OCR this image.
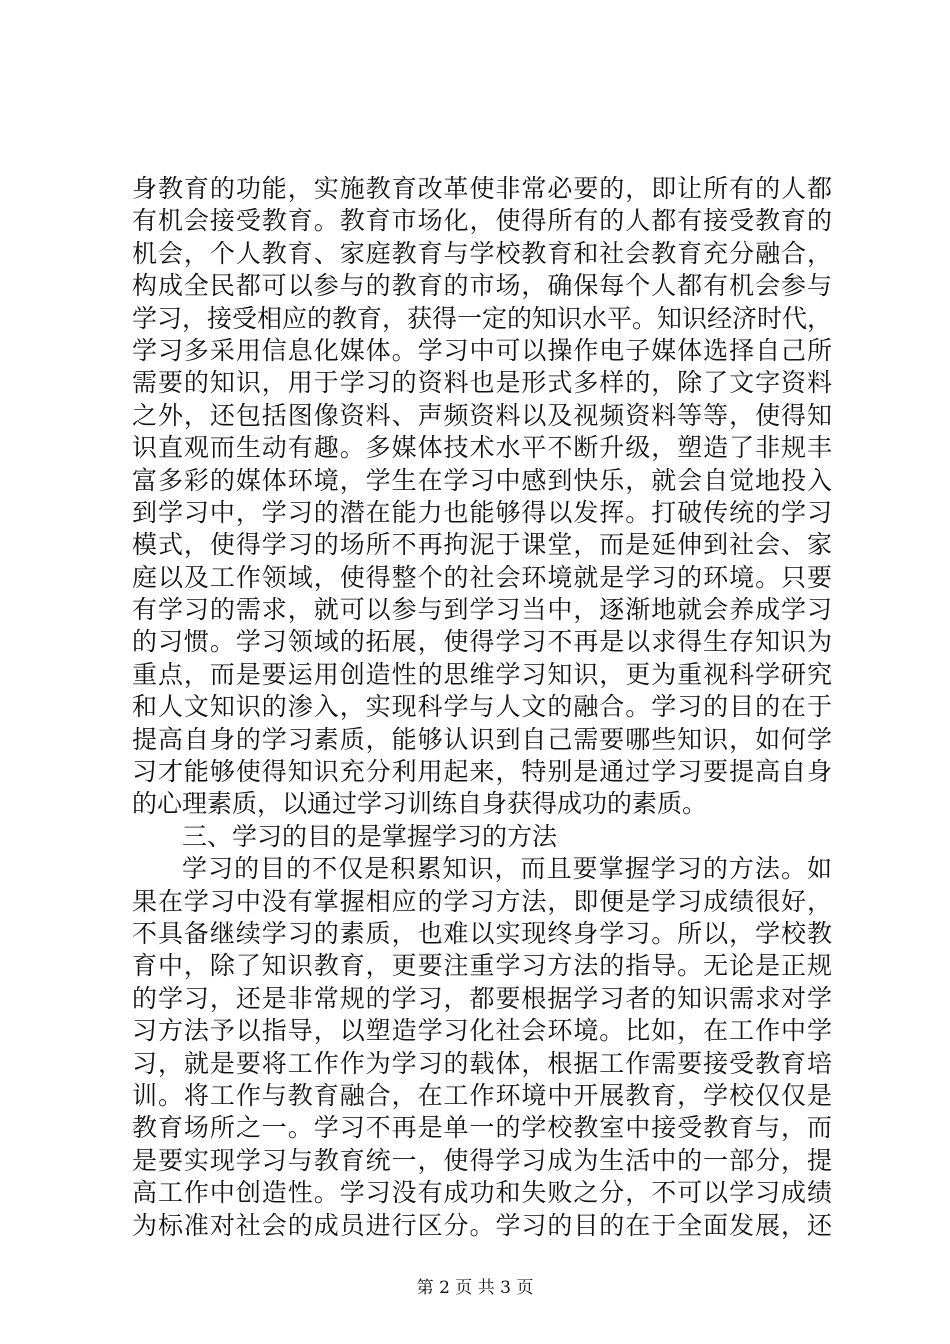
身教育的功能，实施教育改革使非常必要的，即让所有的人都
有机会接受教育。教育市场化，使得所有的人都有接受教育的
机会，个人教育、家庭教育与学校教育和社会教育充分融合，
构成全民都可以参与的教育的市场，确保每个人都有机会参与
学习，接受相应的教育，获得一定的知识水平。知识经济时代，
学习多采用信息化媒体。学习中可以操作电子媒体选择自己所
需要的知识，用于学习的资料也是形式多样的，除了文字资料
之外，还包括图像资料、声频资料以及视频资料等等，使得知
识直观而生动有趣。多媒体技术水平不断升级，塑造了非规丰
富多彩的媒体环境，学生在学习中感到快乐，就会自觉地投入
到学习中，学习的潜在能力也能够得以发挥。打破传统的学习
模式，使得学习的场所不再拘泥于课堂，而是延伸到社会、家
庭以及工作领域，使得整个的社会环境就是学习的环境。只要
有学习的需求，就可以参与到学习当中，逐渐地就会养成学习
的习惯。学习领域的拓展，使得学习不再是以求得生存知识为
重点，而是要运用创造性的思维学习知识，更为重视科学研究
和人文知识的渗入，实现科学与人文的融合。学习的目的在于
提高自身的学习素质，能够认识到自己需要哪些知识，如何学
习才能够使得知识充分利用起来，特别是通过学习要提高自身
的心理素质，以通过学习训练自身获得成功的素质。
三、学习的目的是掌握学习的方法
学习的目的不仅是积累知识，而且要掌握学习的方法。如
果在学习中没有掌握相应的学习方法，即便是学习成绩很好，
不具备继续学习的素质，也难以实现终身学习。所以，学校教
育中，除了知识教育，更要注重学习方法的指导。无论是正规
的学习，还是非常规的学习，都要根据学习者的知识需求对学
习方法予以指导，以塑造学习化社会环境。比如，在工作中学
习，就是要将工作作为学习的载体，根据工作需要接受教育培
训。将工作与教育融合，在工作环境中开展教育，学校仅仅是
教育场所之一。学习不再是单一的学校教室中接受教育与，而
是要实现学习与教育统一，使得学习成为生活中的一部分，提
高工作中创造性。学习没有成功和失败之分，不可以学习成绩
为标准对社会的成员进行区分。学习的目的在于全面发展，还
第 2 页 共 3 页
